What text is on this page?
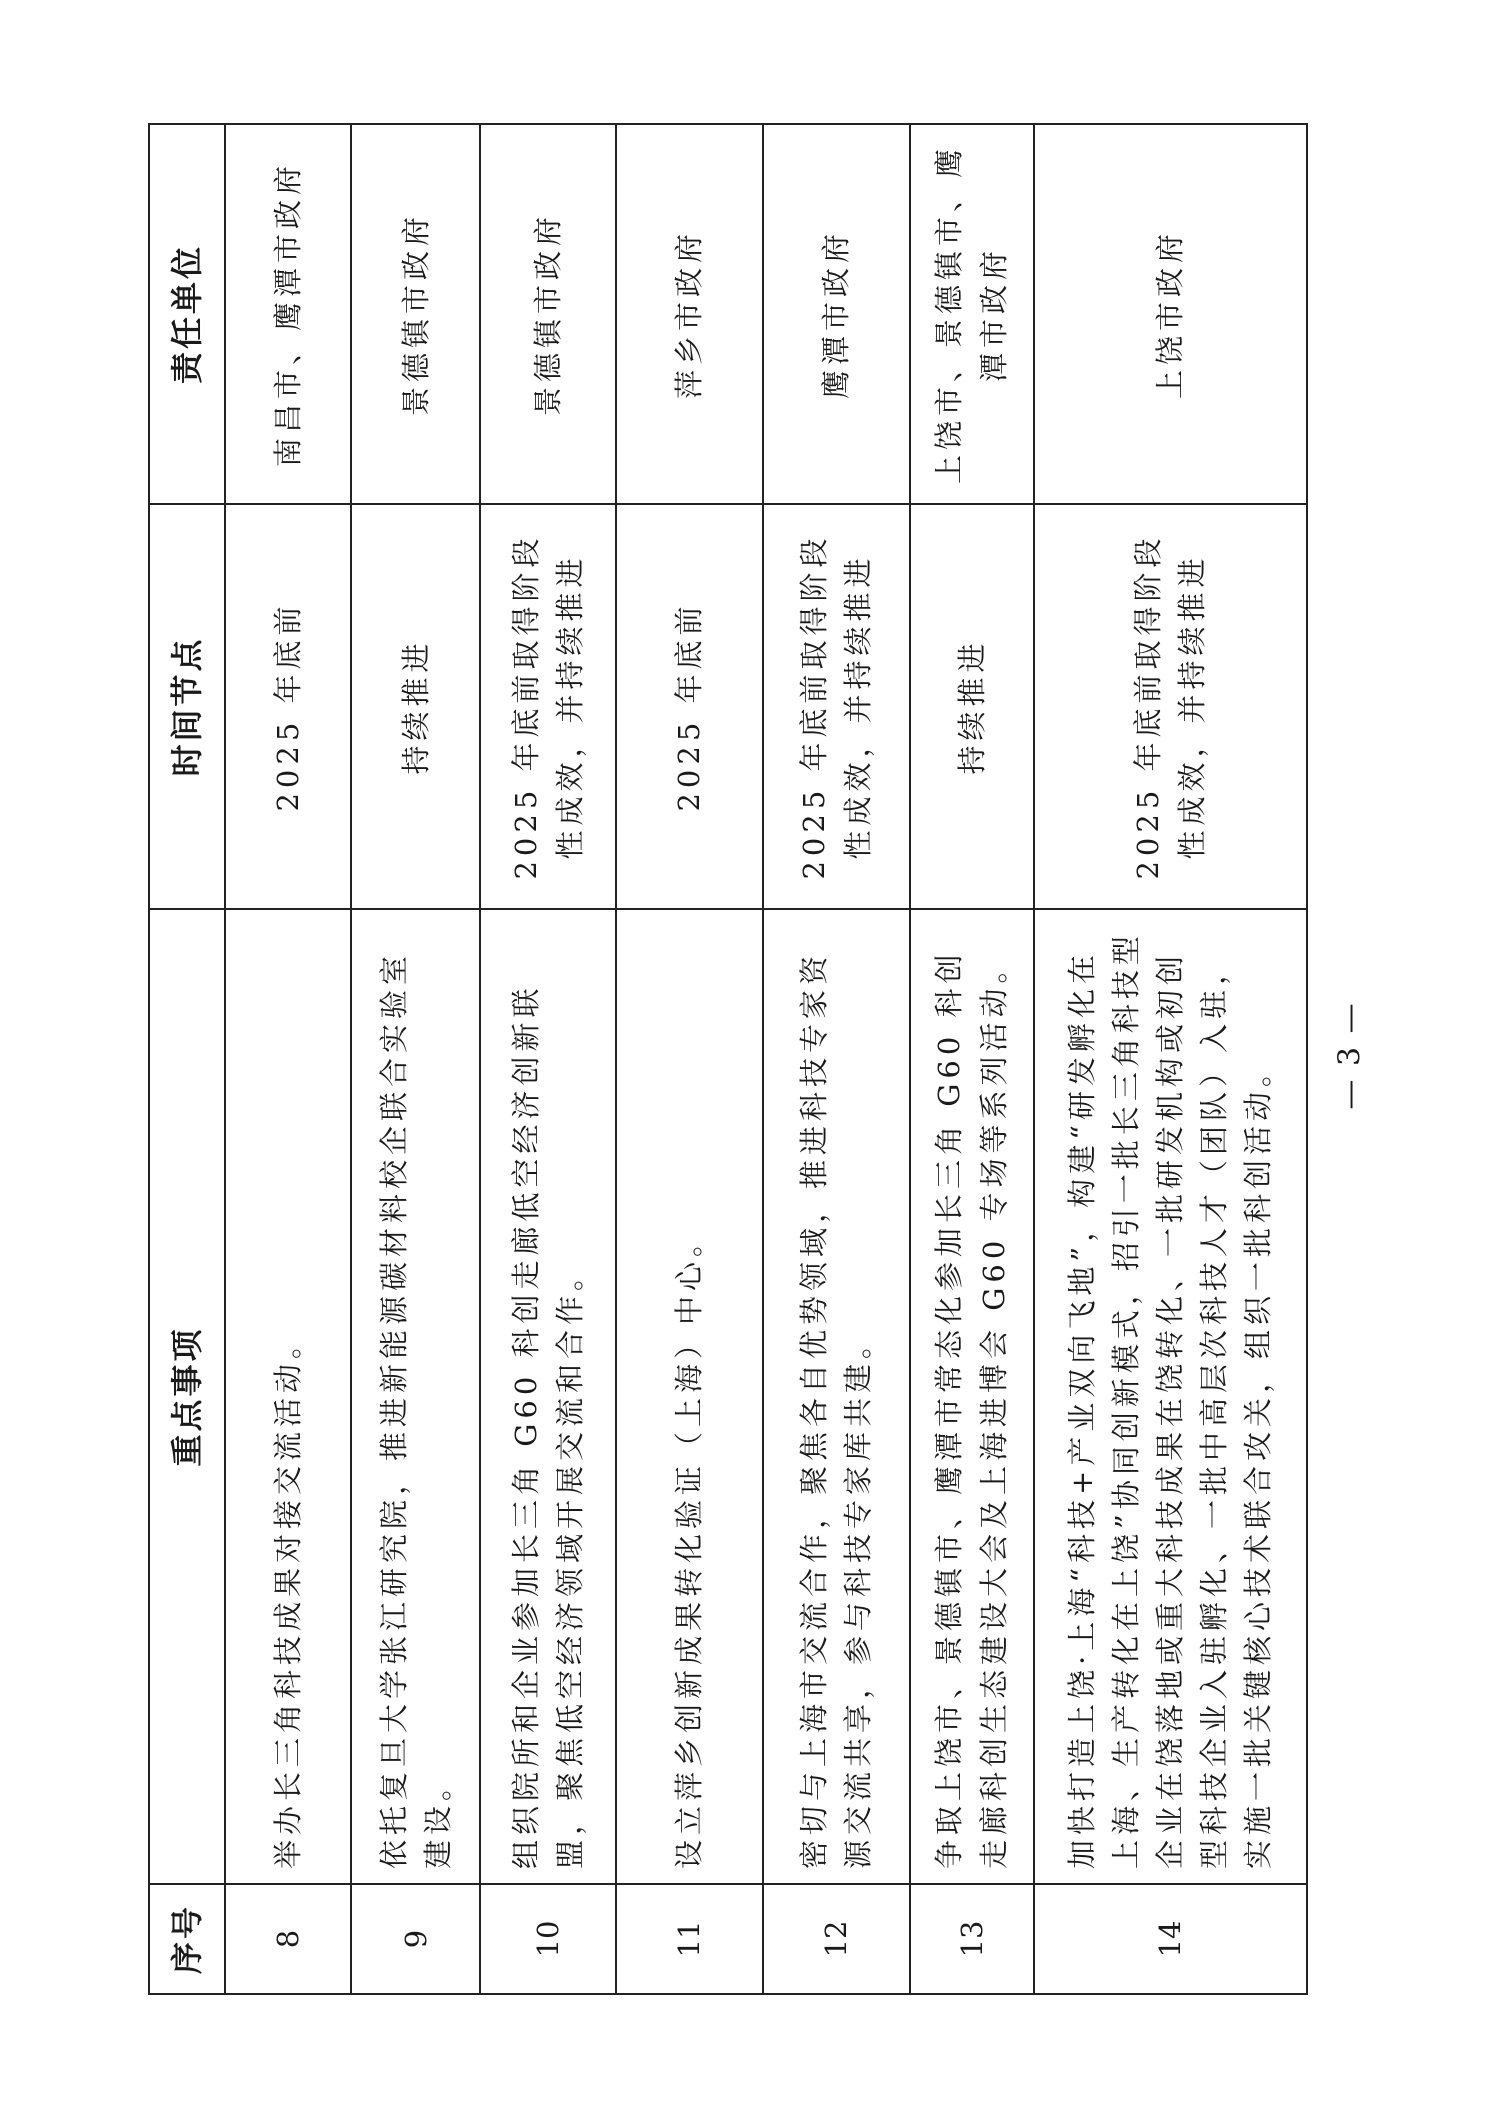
序号	重点事项	时间节点	责任单位
8	举办长三角科技成果对接交流活动。	2025 年底前	南昌市、鹰潭市政府
9	依托复旦大学张江研究院，推进新能源碳材料校企联合实验室建设。	持续推进	景德镇市政府
10	组织院所和企业参加长三角 G60 科创走廊低空经济创新联盟，聚焦低空经济领域开展交流和合作。	2025 年底前取得阶段性成效，并持续推进	景德镇市政府
11	设立萍乡创新成果转化验证（上海）中心。	2025 年底前	萍乡市政府
12	密切与上海市交流合作，聚焦各自优势领域，推进科技专家资源交流共享，参与科技专家库共建。	2025 年底前取得阶段性成效，并持续推进	鹰潭市政府
13	争取上饶市、景德镇市、鹰潭市常态化参加长三角 G60 科创走廊科创生态建设大会及上海进博会 G60 专场等系列活动。	持续推进	上饶市、景德镇市、鹰潭市政府
14	加快打造上饶·上海“科技+产业双向飞地”，构建“研发孵化在上海、生产转化在上饶”协同创新模式，招引一批长三角科技型企业在饶落地或重大科技成果在饶转化、一批研发机构或初创型科技企业入驻孵化、一批中高层次科技人才（团队）入驻，实施一批关键核心技术联合攻关，组织一批科创活动。	2025 年底前取得阶段性成效，并持续推进	上饶市政府
— 3 —
